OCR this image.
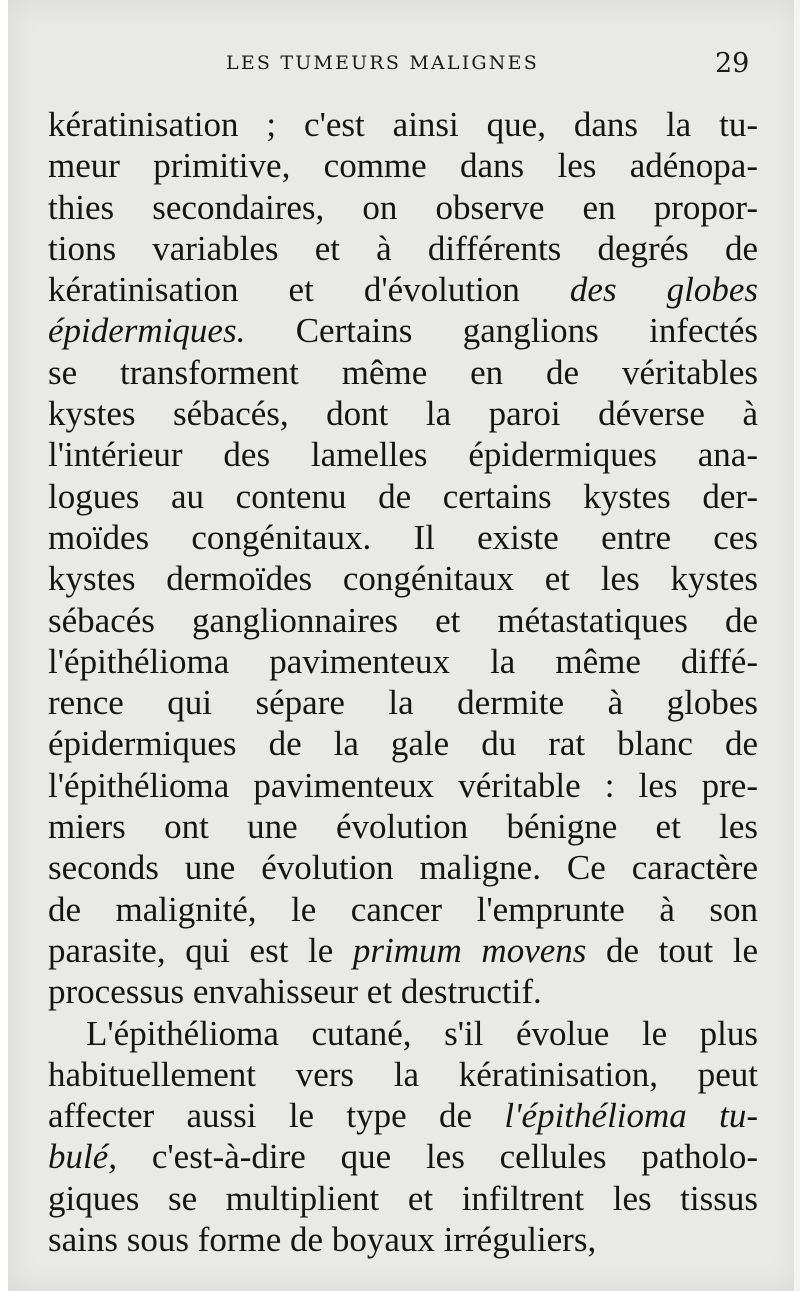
LES TUMEURS MALIGNES	29
kératinisation ; c'est ainsi que, dans la tu-
meur primitive, comme dans les adénopa-
thies secondaires, on observe en propor-
tions variables et à différents degrés de
kératinisation et d'évolution des globes
épidermiques. Certains ganglions infectés
se transforment même en de véritables
kystes sébacés, dont la paroi déverse à
l'intérieur des lamelles épidermiques ana-
logues au contenu de certains kystes der-
moïdes congénitaux. Il existe entre ces
kystes dermoïdes congénitaux et les kystes
sébacés ganglionnaires et métastatiques de
l'épithélioma pavimenteux la même diffé-
rence qui sépare la dermite à globes
épidermiques de la gale du rat blanc de
l'épithélioma pavimenteux véritable : les pre-
miers ont une évolution bénigne et les
seconds une évolution maligne. Ce caractère
de malignité, le cancer l'emprunte à son
parasite, qui est le primum movens de tout le
processus envahisseur et destructif.
L'épithélioma cutané, s'il évolue le plus
habituellement vers la kératinisation, peut
affecter aussi le type de l'épithélioma tu-
bulé, c'est-à-dire que les cellules patholo-
giques se multiplient et infiltrent les tissus
sains sous forme de boyaux irréguliers,
